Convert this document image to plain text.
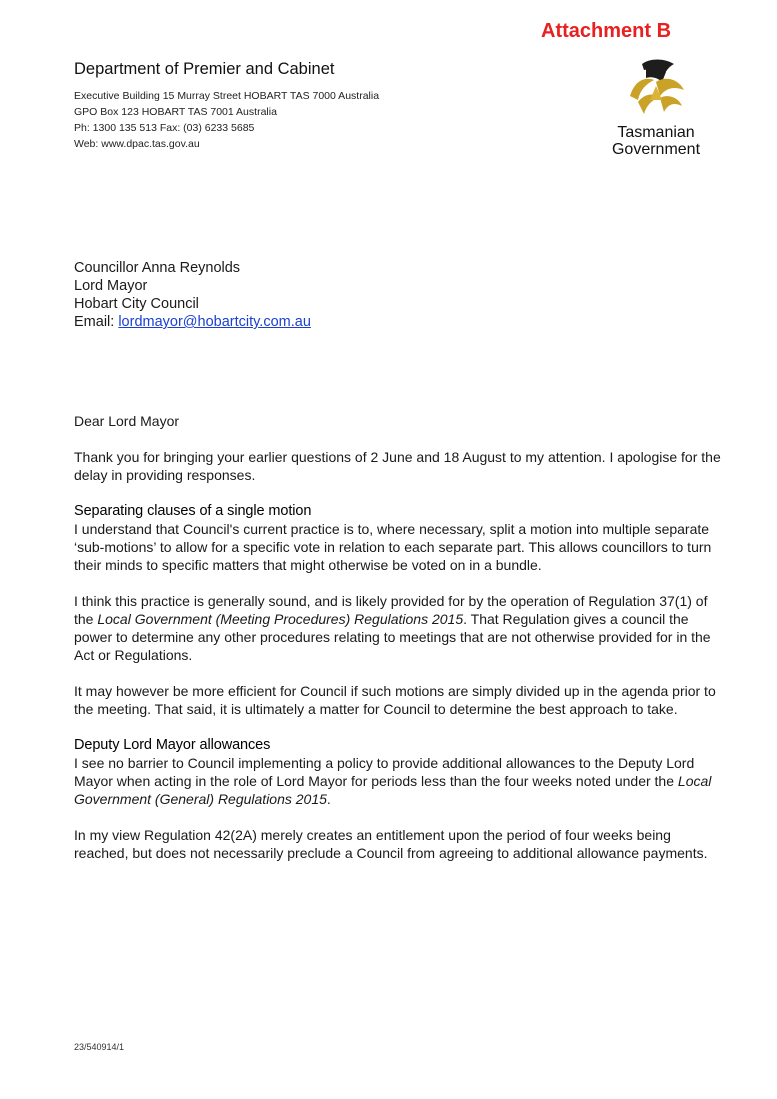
Attachment B
Department of Premier and Cabinet
Executive Building 15 Murray Street HOBART TAS 7000 Australia
GPO Box 123 HOBART TAS 7001 Australia
Ph: 1300 135 513 Fax: (03) 6233 5685
Web: www.dpac.tas.gov.au
Tasmanian
Government
Councillor Anna Reynolds
Lord Mayor
Hobart City Council
Email: lordmayor@hobartcity.com.au

Dear Lord Mayor

Thank you for bringing your earlier questions of 2 June and 18 August to my attention. I apologise for the delay in providing responses.

Separating clauses of a single motion

I understand that Council's current practice is to, where necessary, split a motion into multiple separate ‘sub-motions’ to allow for a specific vote in relation to each separate part. This allows councillors to turn their minds to specific matters that might otherwise be voted on in a bundle.

I think this practice is generally sound, and is likely provided for by the operation of Regulation 37(1) of the Local Government (Meeting Procedures) Regulations 2015. That Regulation gives a council the power to determine any other procedures relating to meetings that are not otherwise provided for in the Act or Regulations.

It may however be more efficient for Council if such motions are simply divided up in the agenda prior to the meeting. That said, it is ultimately a matter for Council to determine the best approach to take.

Deputy Lord Mayor allowances

I see no barrier to Council implementing a policy to provide additional allowances to the Deputy Lord Mayor when acting in the role of Lord Mayor for periods less than the four weeks noted under the Local Government (General) Regulations 2015.

In my view Regulation 42(2A) merely creates an entitlement upon the period of four weeks being reached, but does not necessarily preclude a Council from agreeing to additional allowance payments.

23/540914/1
